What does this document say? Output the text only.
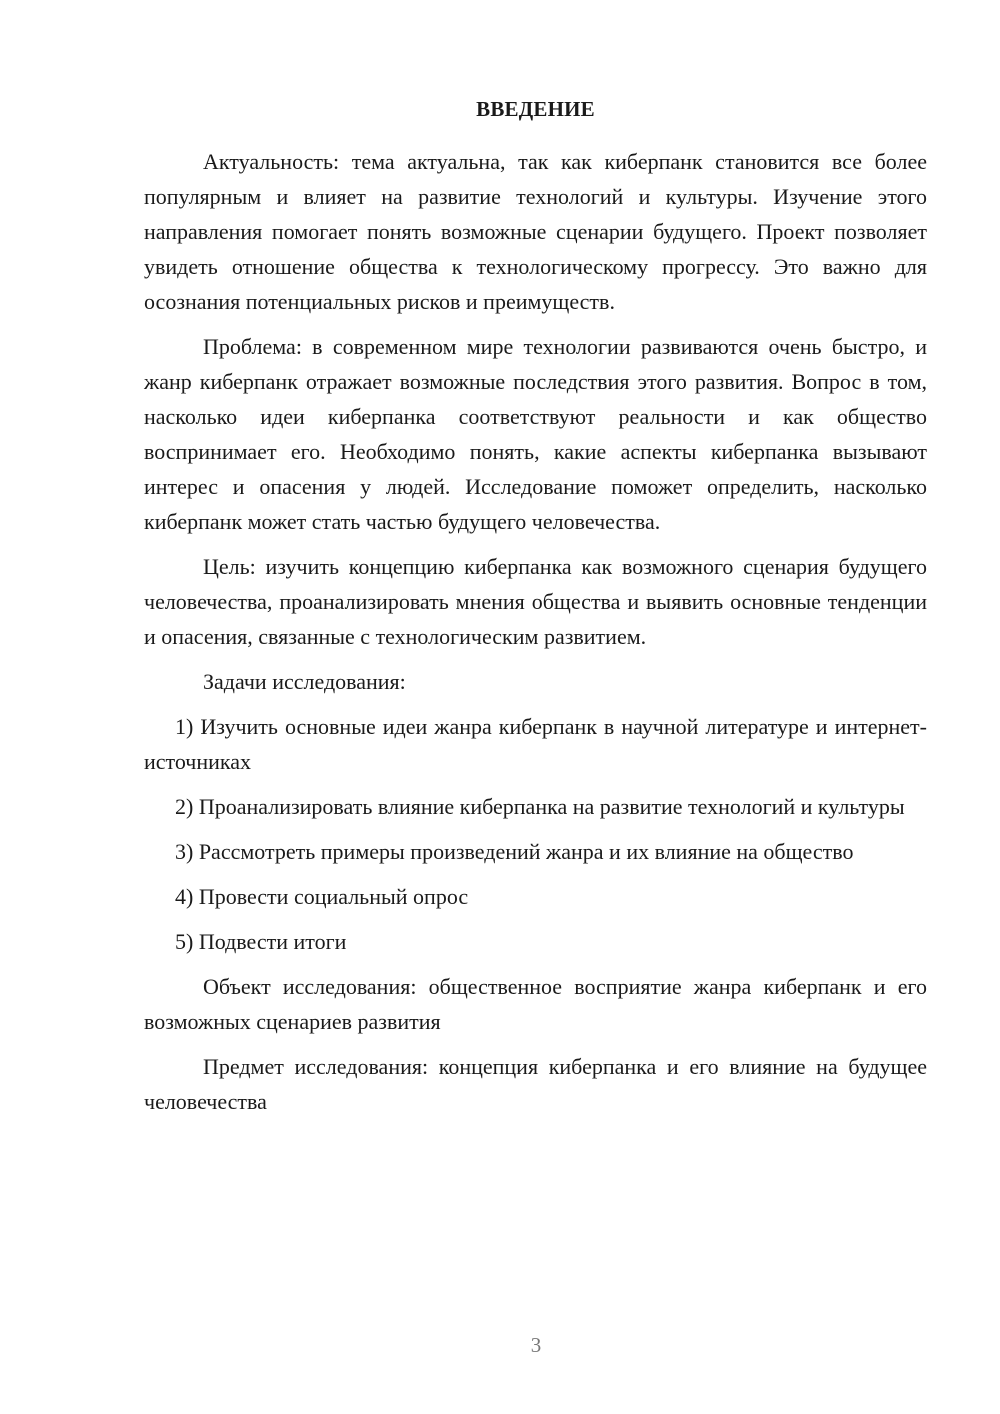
ВВЕДЕНИЕ

Актуальность: тема актуальна, так как киберпанк становится все более популярным и влияет на развитие технологий и культуры. Изучение этого направления помогает понять возможные сценарии будущего. Проект позволяет увидеть отношение общества к технологическому прогрессу. Это важно для осознания потенциальных рисков и преимуществ.

Проблема: в современном мире технологии развиваются очень быстро, и жанр киберпанк отражает возможные последствия этого развития. Вопрос в том, насколько идеи киберпанка соответствуют реальности и как общество воспринимает его. Необходимо понять, какие аспекты киберпанка вызывают интерес и опасения у людей. Исследование поможет определить, насколько киберпанк может стать частью будущего человечества.

Цель: изучить концепцию киберпанка как возможного сценария будущего человечества, проанализировать мнения общества и выявить основные тенденции и опасения, связанные с технологическим развитием.

Задачи исследования:

1) Изучить основные идеи жанра киберпанк в научной литературе и интернет-источниках

2) Проанализировать влияние киберпанка на развитие технологий и культуры

3) Рассмотреть примеры произведений жанра и их влияние на общество

4) Провести социальный опрос

5) Подвести итоги

Объект исследования: общественное восприятие жанра киберпанк и его возможных сценариев развития

Предмет исследования: концепция киберпанка и его влияние на будущее человечества

3
